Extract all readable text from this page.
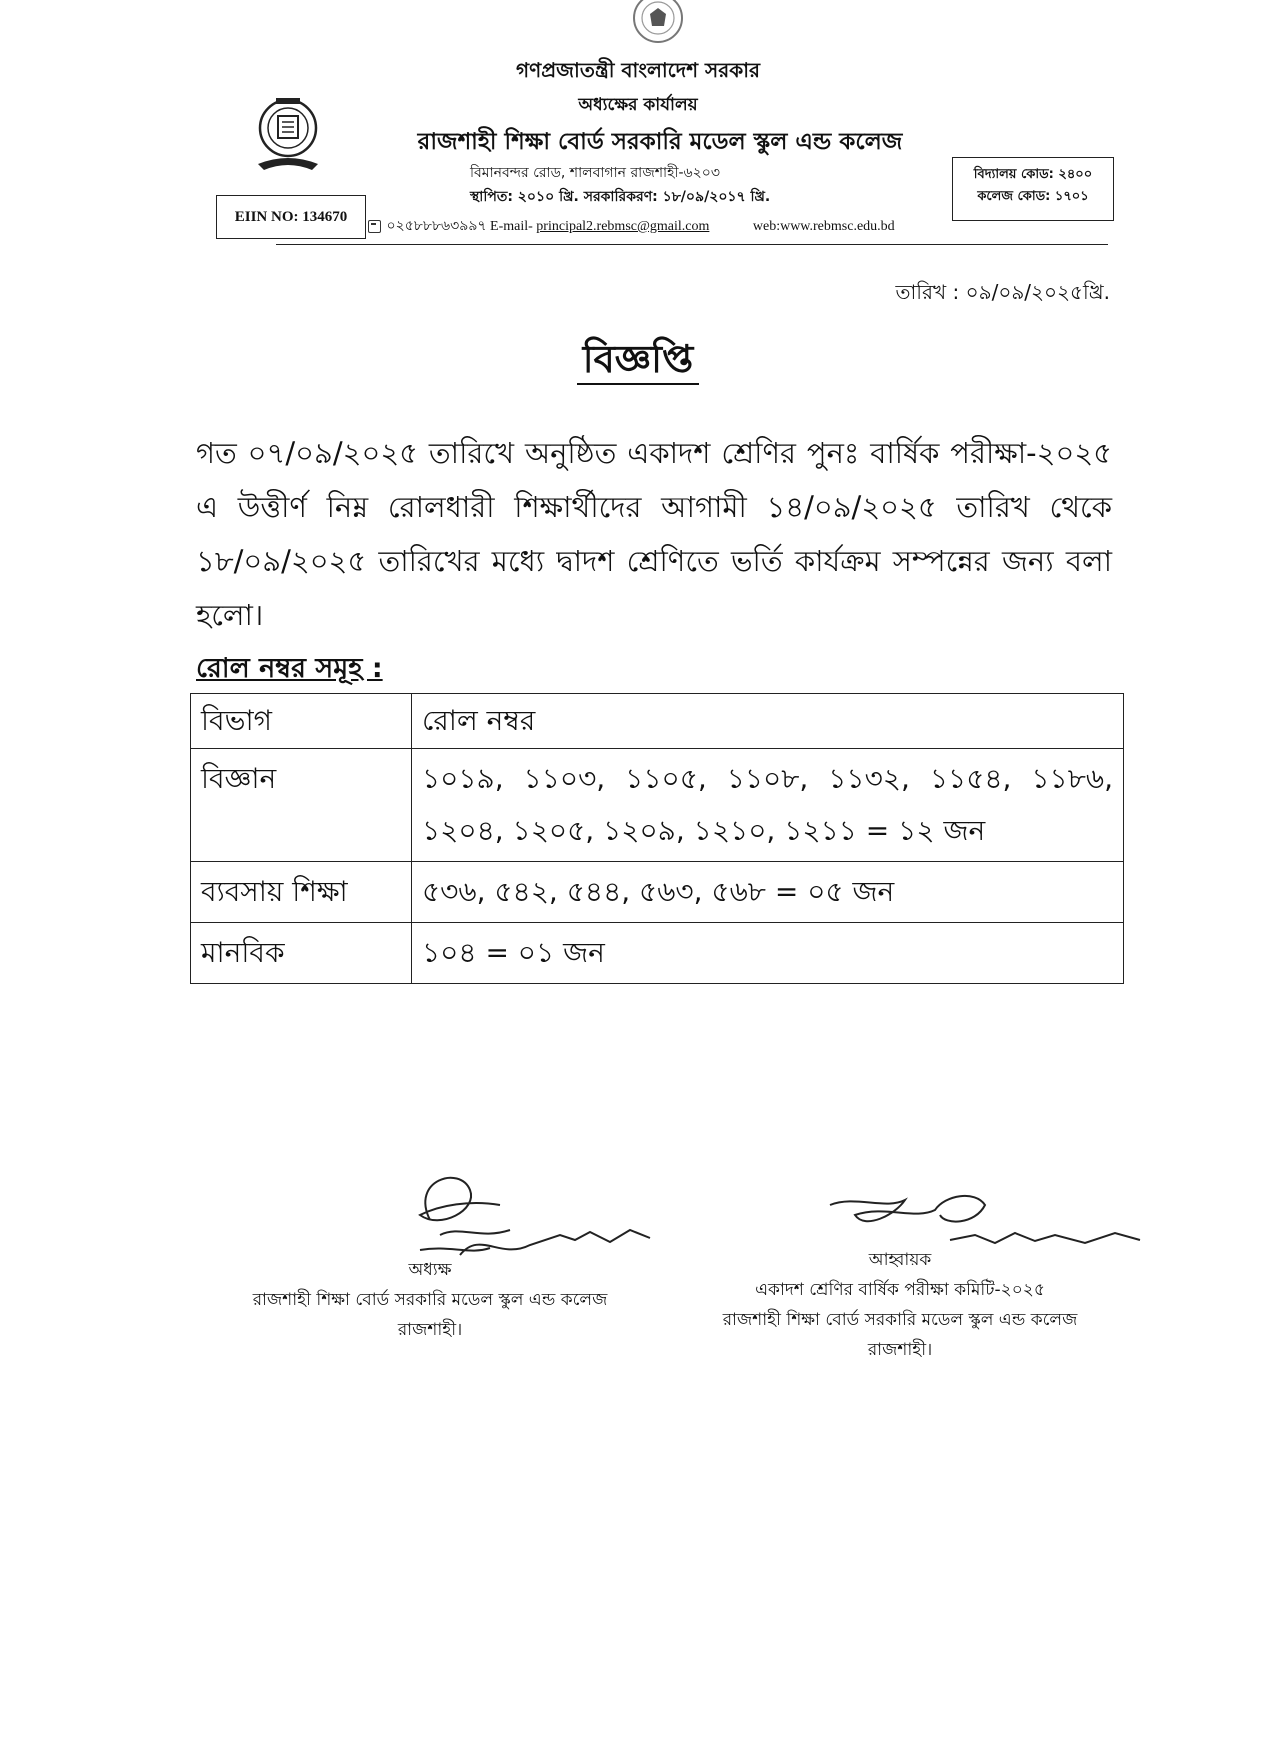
গণপ্রজাতন্ত্রী বাংলাদেশ সরকার
অধ্যক্ষের কার্যালয়
রাজশাহী শিক্ষা বোর্ড সরকারি মডেল স্কুল এন্ড কলেজ
বিমানবন্দর রোড, শালবাগান রাজশাহী-৬২০৩
স্থাপিত: ২০১০ খ্রি. সরকারিকরণ: ১৮/০৯/২০১৭ খ্রি.
০২৫৮৮৮৬৩৯৯৭ E-mail- principal2.rebmsc@gmail.com	web:www.rebmsc.edu.bd
EIIN NO: 134670
বিদ্যালয় কোড: ২৪০০
কলেজ কোড: ১৭০১
তারিখ : ০৯/০৯/২০২৫খ্রি.
বিজ্ঞপ্তি
গত ০৭/০৯/২০২৫ তারিখে অনুষ্ঠিত একাদশ শ্রেণির পুনঃ বার্ষিক পরীক্ষা-২০২৫ এ উত্তীর্ণ নিম্ন রোলধারী শিক্ষার্থীদের আগামী ১৪/০৯/২০২৫ তারিখ থেকে ১৮/০৯/২০২৫ তারিখের মধ্যে দ্বাদশ শ্রেণিতে ভর্তি কার্যক্রম সম্পন্নের জন্য বলা হলো।
রোল নম্বর সমূহ :
বিভাগ	রোল নম্বর
বিজ্ঞান	১০১৯, ১১০৩, ১১০৫, ১১০৮, ১১৩২, ১১৫৪, ১১৮৬, ১২০৪, ১২০৫, ১২০৯, ১২১০, ১২১১ = ১২ জন
ব্যবসায় শিক্ষা	৫৩৬, ৫৪২, ৫৪৪, ৫৬৩, ৫৬৮ = ০৫ জন
মানবিক	১০৪ = ০১ জন
অধ্যক্ষ
রাজশাহী শিক্ষা বোর্ড সরকারি মডেল স্কুল এন্ড কলেজ
রাজশাহী।
আহ্বায়ক
একাদশ শ্রেণির বার্ষিক পরীক্ষা কমিটি-২০২৫
রাজশাহী শিক্ষা বোর্ড সরকারি মডেল স্কুল এন্ড কলেজ
রাজশাহী।
